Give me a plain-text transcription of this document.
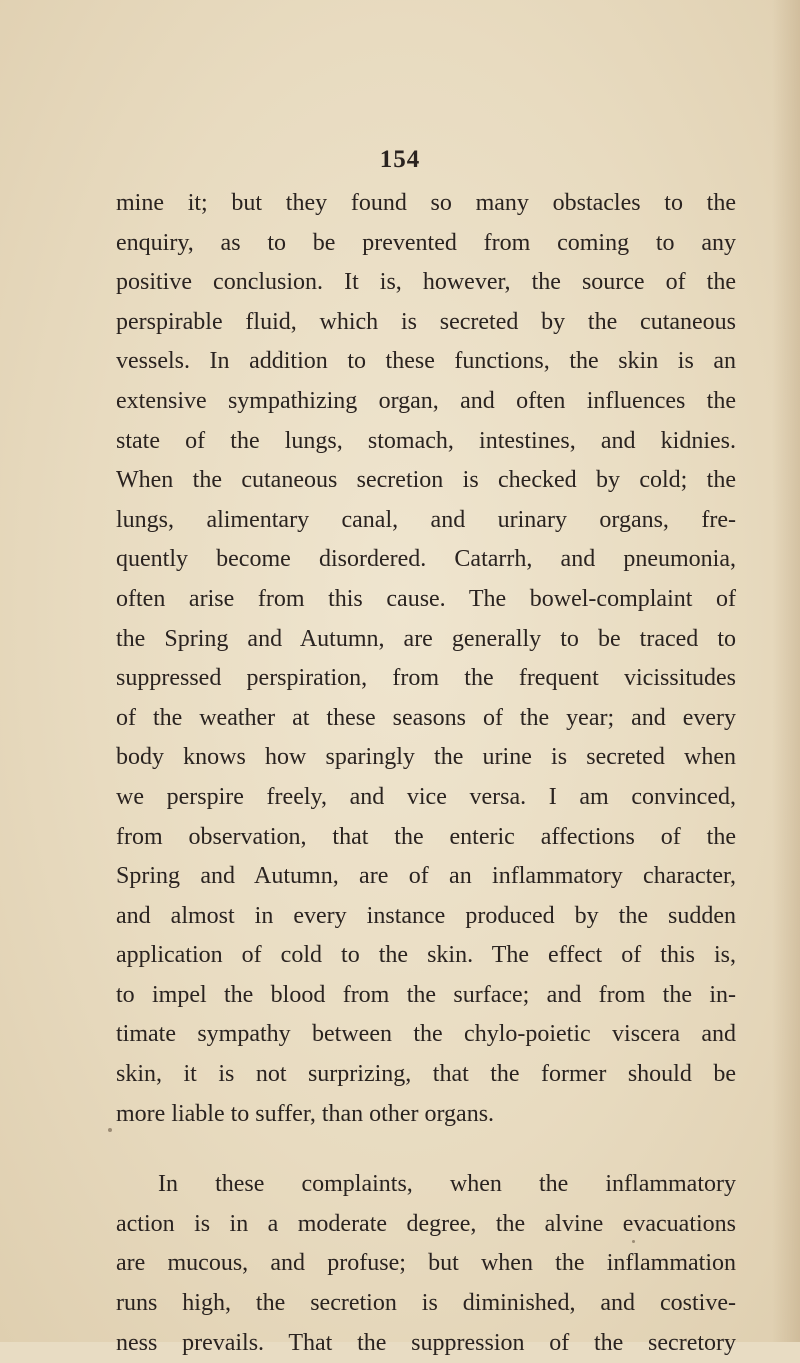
154
mine it; but they found so many obstacles to the
enquiry, as to be prevented from coming to any
positive conclusion. It is, however, the source of the
perspirable fluid, which is secreted by the cutaneous
vessels. In addition to these functions, the skin is an
extensive sympathizing organ, and often influences the
state of the lungs, stomach, intestines, and kidnies.
When the cutaneous secretion is checked by cold; the
lungs, alimentary canal, and urinary organs, fre-
quently become disordered. Catarrh, and pneumonia,
often arise from this cause. The bowel-complaint of
the Spring and Autumn, are generally to be traced to
suppressed perspiration, from the frequent vicissitudes
of the weather at these seasons of the year; and every
body knows how sparingly the urine is secreted when
we perspire freely, and vice versa. I am convinced,
from observation, that the enteric affections of the
Spring and Autumn, are of an inflammatory character,
and almost in every instance produced by the sudden
application of cold to the skin. The effect of this is,
to impel the blood from the surface; and from the in-
timate sympathy between the chylo-poietic viscera and
skin, it is not surprizing, that the former should be
more liable to suffer, than other organs.
In these complaints, when the inflammatory
action is in a moderate degree, the alvine evacuations
are mucous, and profuse; but when the inflammation
runs high, the secretion is diminished, and costive-
ness prevails. That the suppression of the secretory
